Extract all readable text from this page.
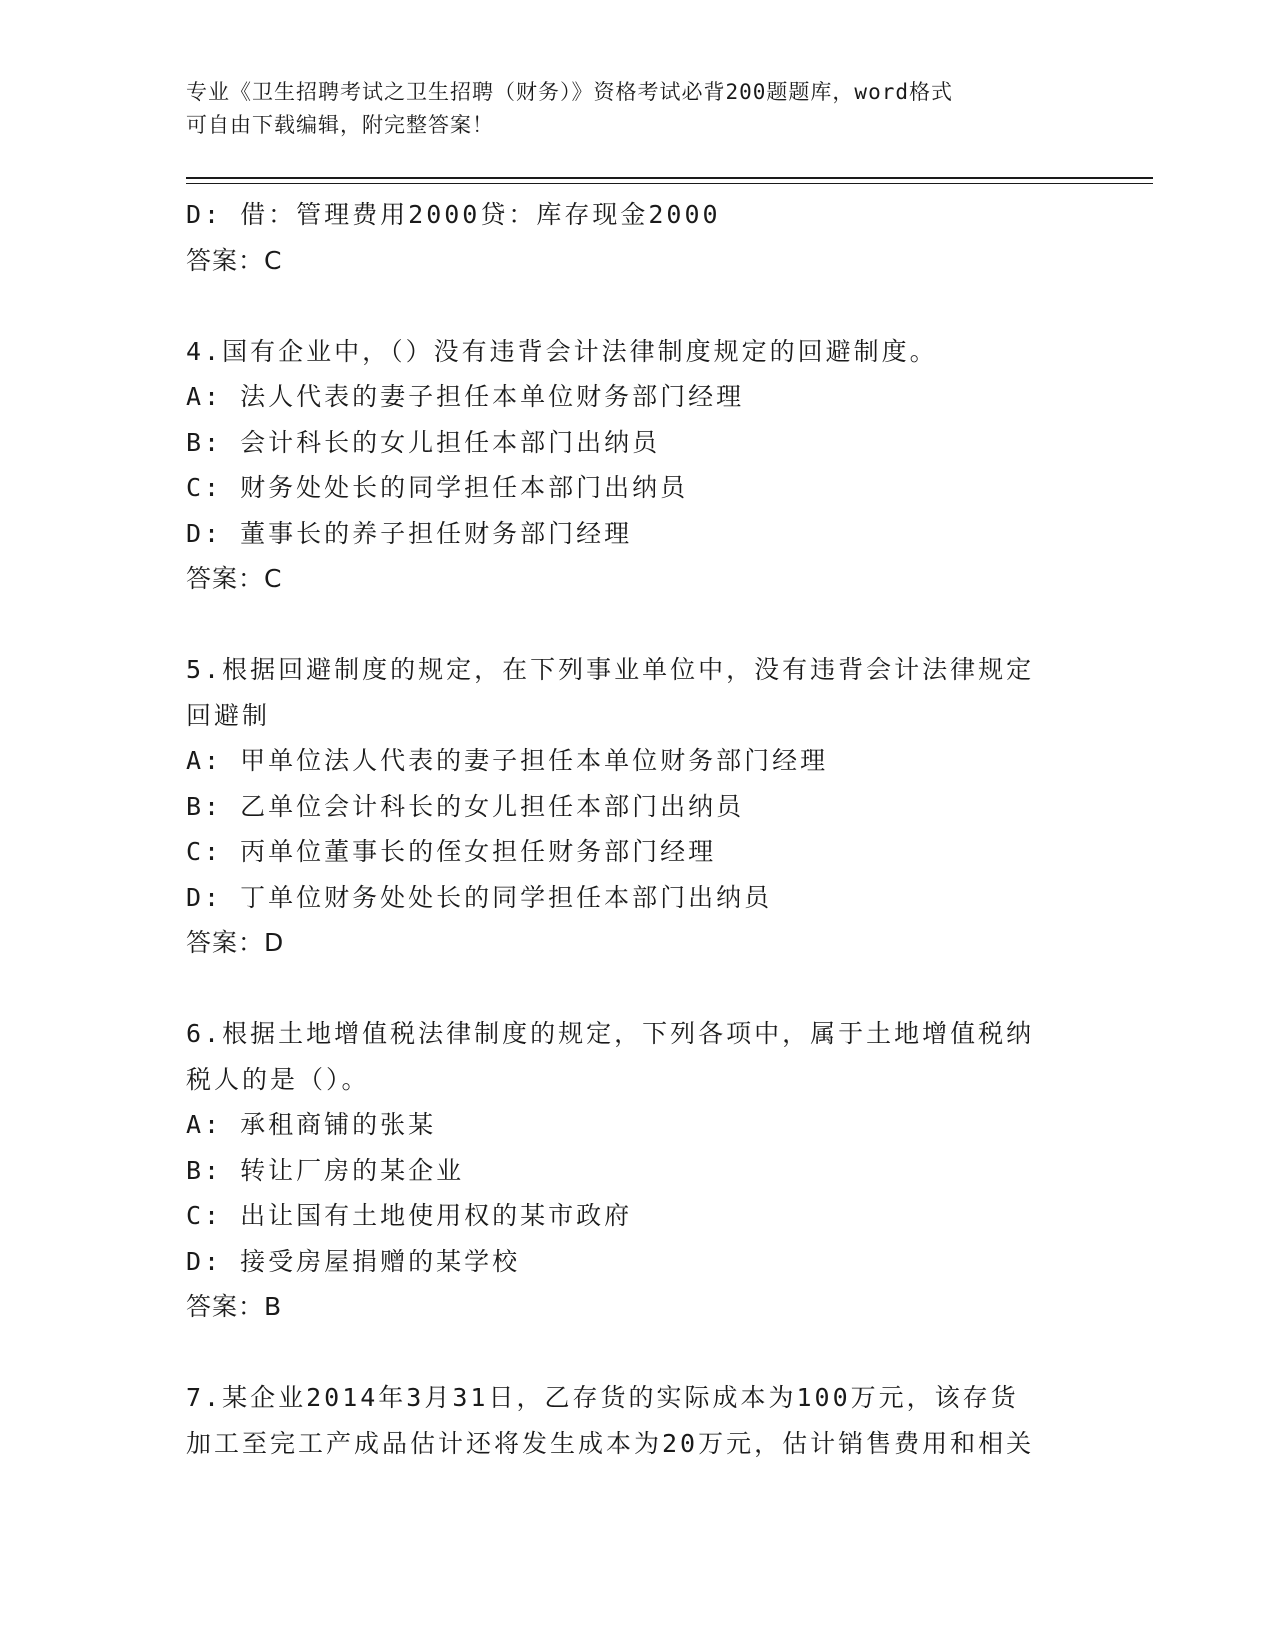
专业《卫生招聘考试之卫生招聘（财务）》资格考试必背200题题库，word格式
可自由下载编辑，附完整答案！
D: 借：管理费用2000贷：库存现金2000
答案：C
4.国有企业中，（）没有违背会计法律制度规定的回避制度。
A: 法人代表的妻子担任本单位财务部门经理
B: 会计科长的女儿担任本部门出纳员
C: 财务处处长的同学担任本部门出纳员
D: 董事长的养子担任财务部门经理
答案：C
5.根据回避制度的规定，在下列事业单位中，没有违背会计法律规定
回避制
A: 甲单位法人代表的妻子担任本单位财务部门经理
B: 乙单位会计科长的女儿担任本部门出纳员
C: 丙单位董事长的侄女担任财务部门经理
D: 丁单位财务处处长的同学担任本部门出纳员
答案：D
6.根据土地增值税法律制度的规定，下列各项中，属于土地增值税纳
税人的是（）。
A: 承租商铺的张某
B: 转让厂房的某企业
C: 出让国有土地使用权的某市政府
D: 接受房屋捐赠的某学校
答案：B
7.某企业2014年3月31日，乙存货的实际成本为100万元，该存货
加工至完工产成品估计还将发生成本为20万元，估计销售费用和相关
